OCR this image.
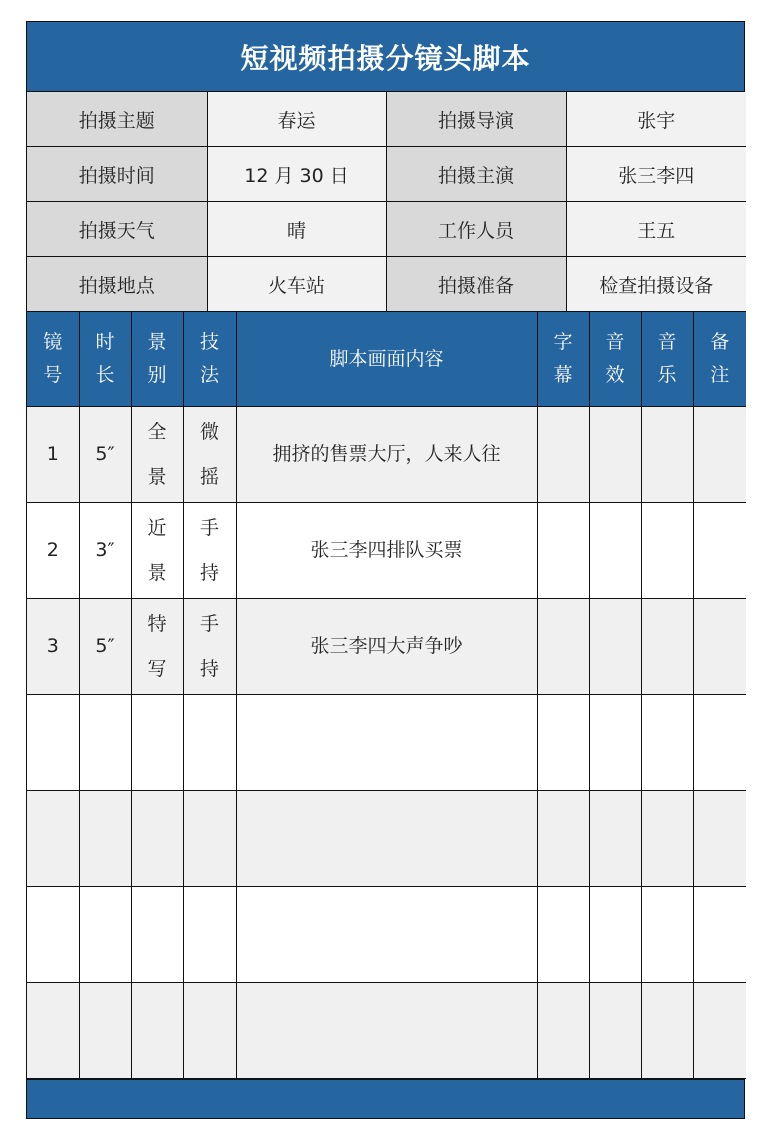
短视频拍摄分镜头脚本
拍摄主题	春运	拍摄导演	张宇
拍摄时间	12 月 30 日	拍摄主演	张三李四
拍摄天气	晴	工作人员	王五
拍摄地点	火车站	拍摄准备	检查拍摄设备
镜号	时长	景别	技法	脚本画面内容	字幕	音效	音乐	备注
1	5″	全景	微摇	拥挤的售票大厅，人来人往				
2	3″	近景	手持	张三李四排队买票				
3	5″	特写	手持	张三李四大声争吵				
